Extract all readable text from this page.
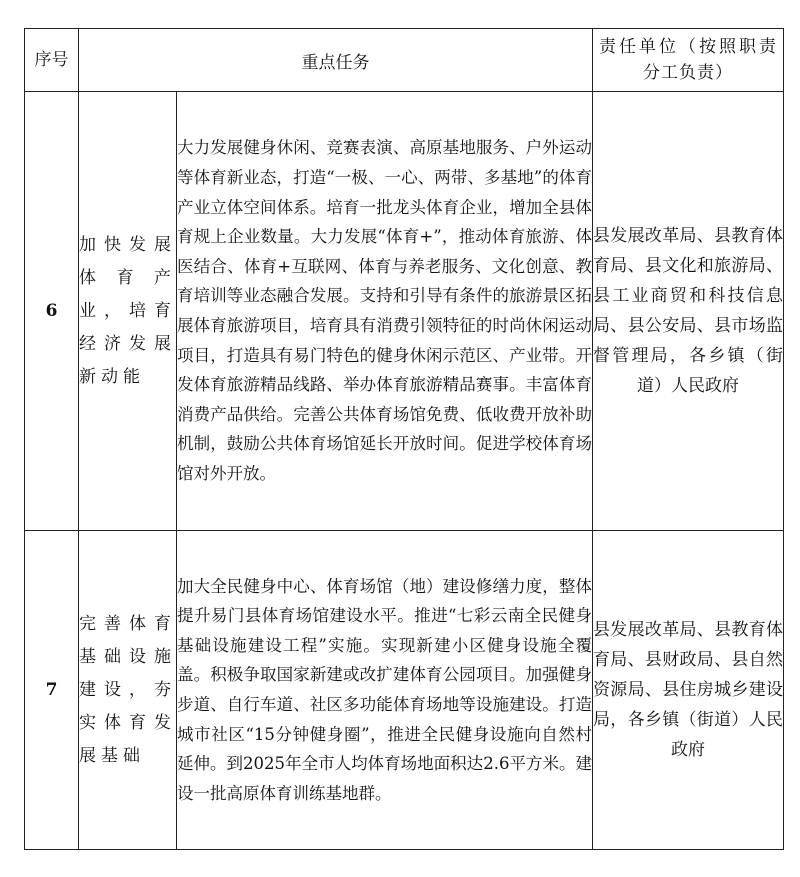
序号	重点任务		责任单位（按照职责分工负责）
6	加快发展体育产业，培育经济发展新动能	大力发展健身休闲、竞赛表演、高原基地服务、户外运动等体育新业态，打造“一极、一心、两带、多基地”的体育产业立体空间体系。培育一批龙头体育企业，增加全县体育规上企业数量。大力发展“体育+”，推动体育旅游、体医结合、体育+互联网、体育与养老服务、文化创意、教育培训等业态融合发展。支持和引导有条件的旅游景区拓展体育旅游项目，培育具有消费引领特征的时尚休闲运动项目，打造具有易门特色的健身休闲示范区、产业带。开发体育旅游精品线路、举办体育旅游精品赛事。丰富体育消费产品供给。完善公共体育场馆免费、低收费开放补助机制，鼓励公共体育场馆延长开放时间。促进学校体育场馆对外开放。	县发展改革局、县教育体育局、县文化和旅游局、县工业商贸和科技信息局、县公安局、县市场监督管理局，各乡镇（街道）人民政府
7	完善体育基础设施建设，夯实体育发展基础	加大全民健身中心、体育场馆（地）建设修缮力度，整体提升易门县体育场馆建设水平。推进“七彩云南全民健身基础设施建设工程”实施。实现新建小区健身设施全覆盖。积极争取国家新建或改扩建体育公园项目。加强健身步道、自行车道、社区多功能体育场地等设施建设。打造城市社区“15分钟健身圈”，推进全民健身设施向自然村延伸。到2025年全市人均体育场地面积达2.6平方米。建设一批高原体育训练基地群。	县发展改革局、县教育体育局、县财政局、县自然资源局、县住房城乡建设局，各乡镇（街道）人民政府
